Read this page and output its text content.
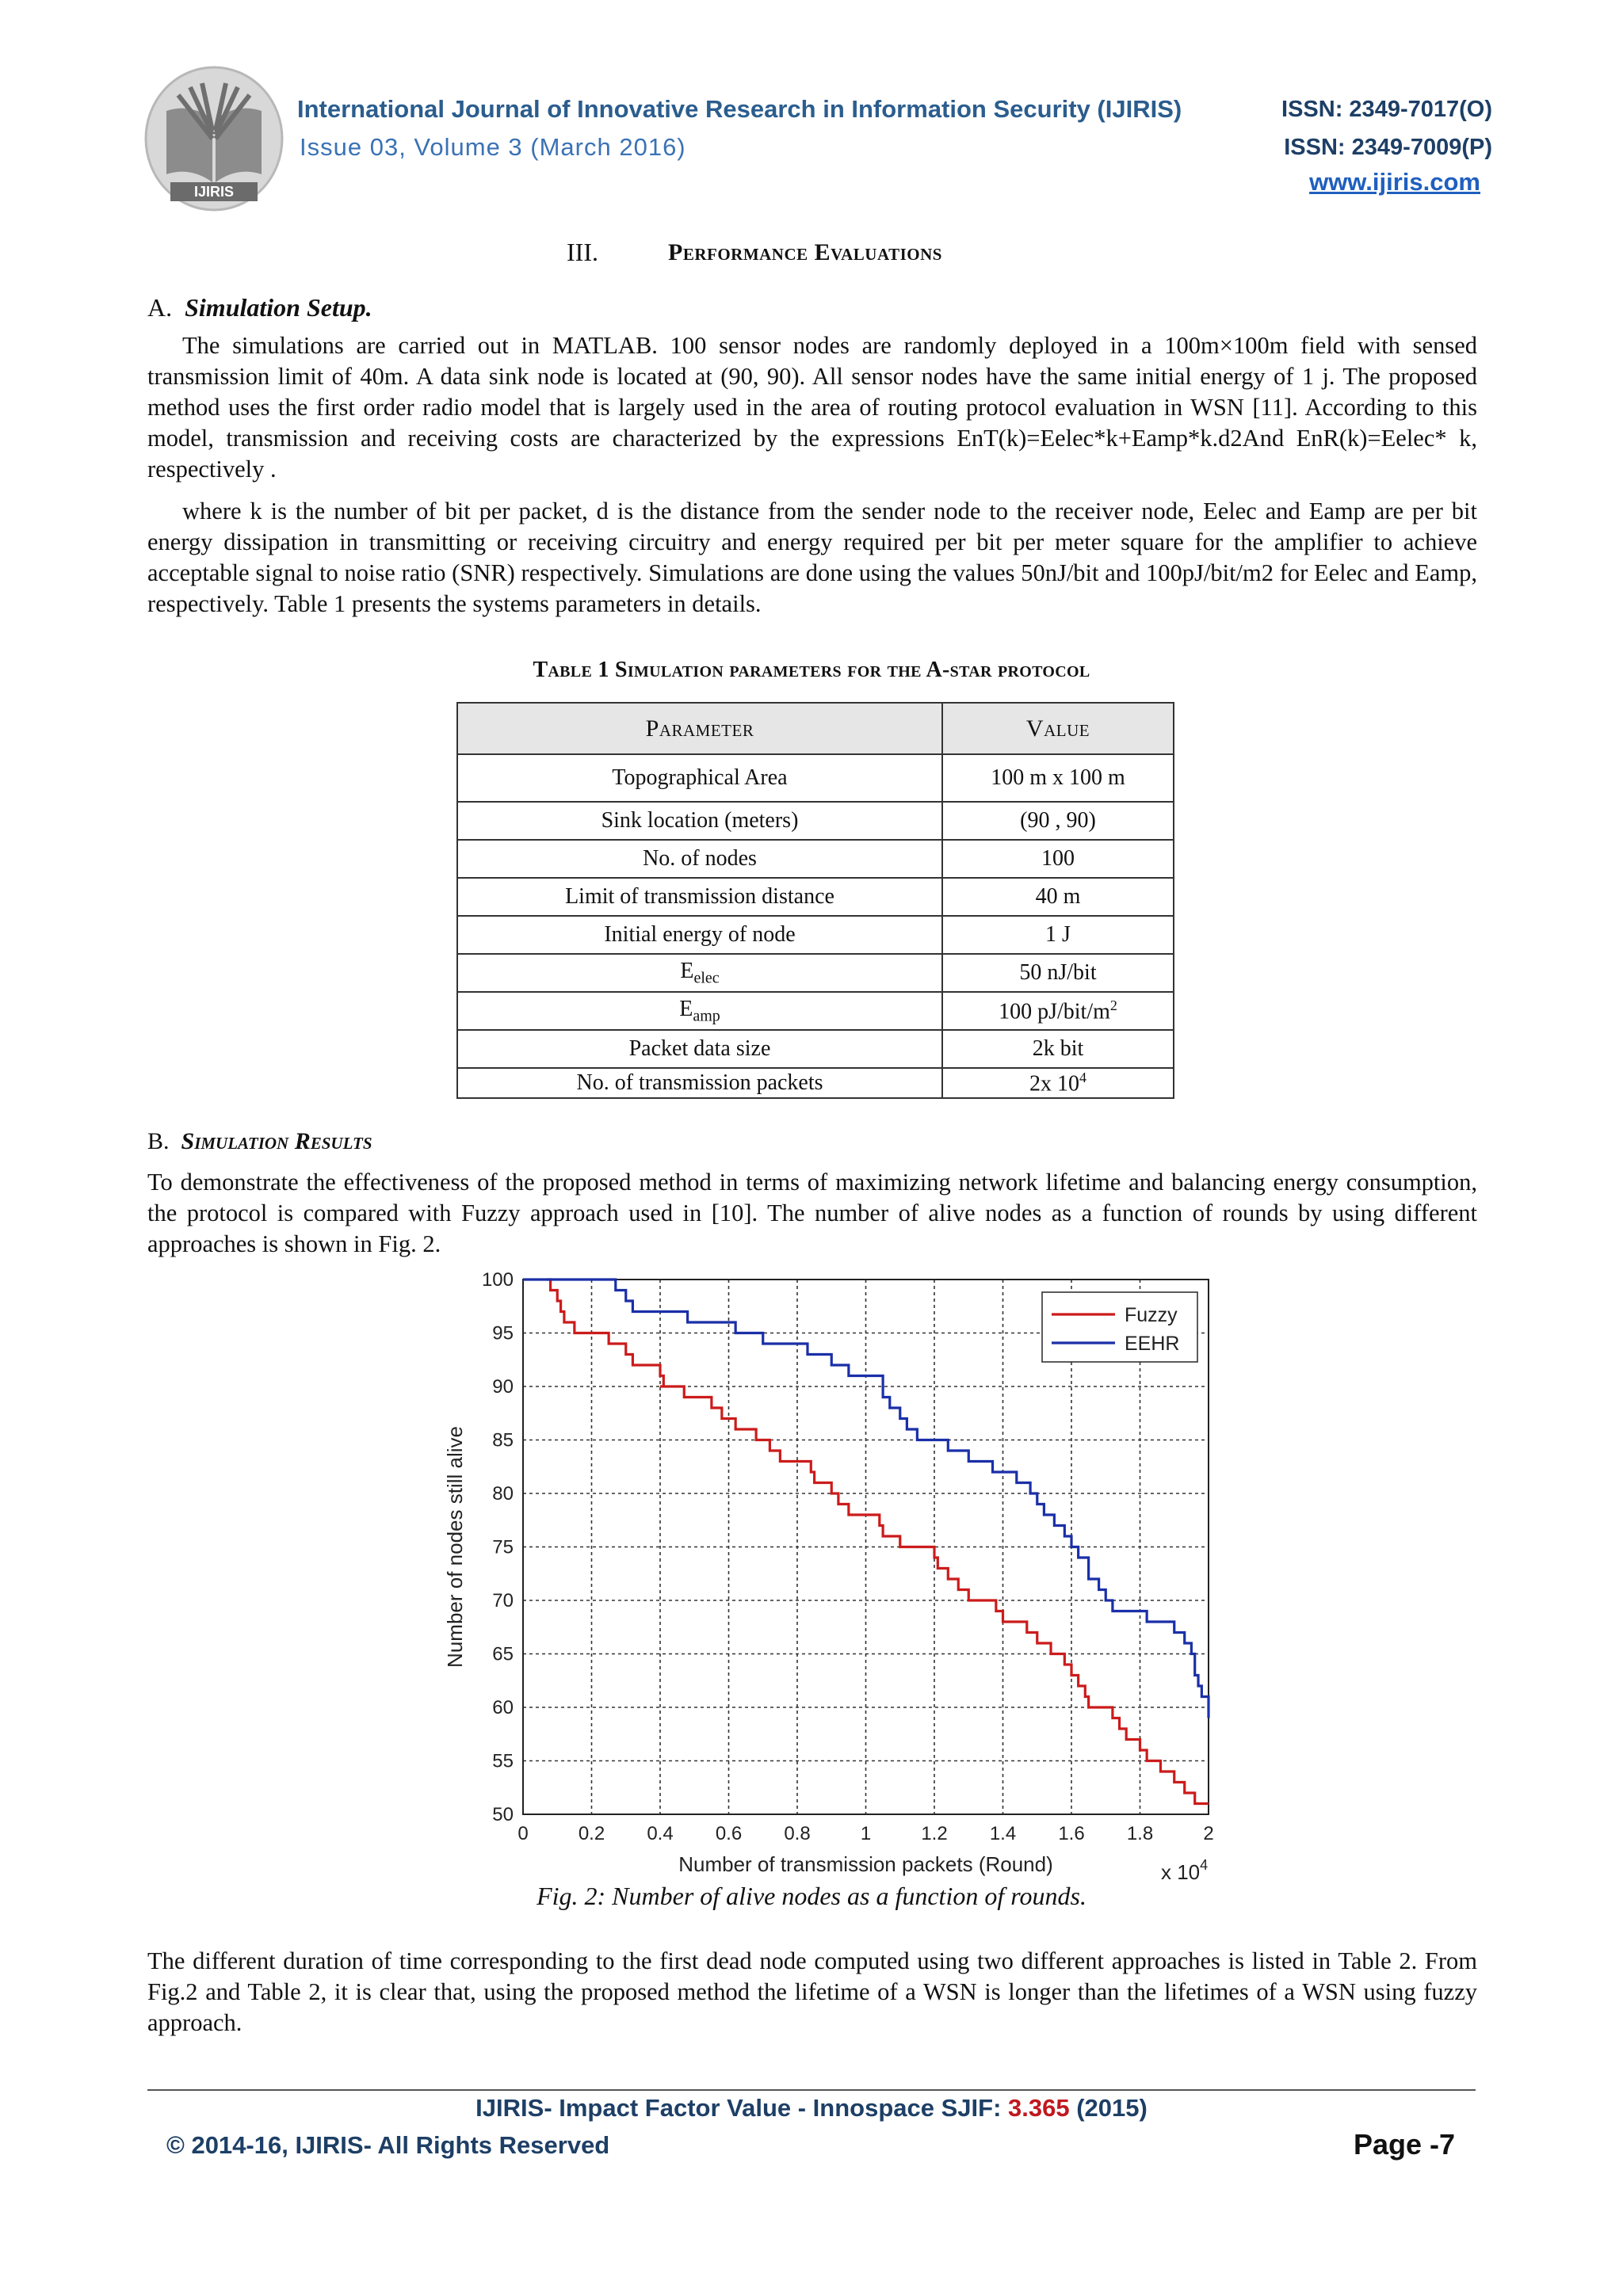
IJIRIS
International Journal of Innovative Research in Information Security (IJIRIS)	ISSN: 2349-7017(O)
Issue 03, Volume 3 (March 2016)	ISSN: 2349-7009(P)
www.ijiris.com
III.	Performance Evaluations
A. Simulation Setup.

The simulations are carried out in MATLAB. 100 sensor nodes are randomly deployed in a 100m×100m field with sensed transmission limit of 40m. A data sink node is located at (90, 90). All sensor nodes have the same initial energy of 1 j. The proposed method uses the first order radio model that is largely used in the area of routing protocol evaluation in WSN [11]. According to this model, transmission and receiving costs are characterized by the expressions EnT(k)=Eelec*k+Eamp*k.d2And EnR(k)=Eelec* k, respectively .

where k is the number of bit per packet, d is the distance from the sender node to the receiver node, Eelec and Eamp are per bit energy dissipation in transmitting or receiving circuitry and energy required per bit per meter square for the amplifier to achieve acceptable signal to noise ratio (SNR) respectively. Simulations are done using the values 50nJ/bit and 100pJ/bit/m2 for Eelec and Eamp, respectively. Table 1 presents the systems parameters in details.

Table 1 Simulation parameters for the A-star protocol
Parameter	Value
Topographical Area	100 m x 100 m
Sink location (meters)	(90 , 90)
No. of nodes	100
Limit of transmission distance	40 m
Initial energy of node	1 J
$E_{elec}$	50 nJ/bit
$E_{amp}$	100 $pJ/bit/m^2$
Packet data size	2k bit
No. of transmission packets	2x $10^4$
B. Simulation Results

To demonstrate the effectiveness of the proposed method in terms of maximizing network lifetime and balancing energy consumption, the protocol is compared with Fuzzy approach used in [10]. The number of alive nodes as a function of rounds by using different approaches is shown in Fig. 2.

0	0.2 0.4 0.6 0.8	1	1.2 1.4 1.6 1.8	2
50
55
60
65
70
75
80
85
90
95
100
Fuzzy
EEHR
Number of transmission packets (Round)
Number of nodes still alive
x $10^4$
Fig. 2: Number of alive nodes as a function of rounds.

The different duration of time corresponding to the first dead node computed using two different approaches is listed in Table 2. From Fig.2 and Table 2, it is clear that, using the proposed method the lifetime of a WSN is longer than the lifetimes of a WSN using fuzzy approach.

IJIRIS- Impact Factor Value - Innospace SJIF: 3.365 (2015)
© 2014-16, IJIRIS- All Rights Reserved	Page -7
